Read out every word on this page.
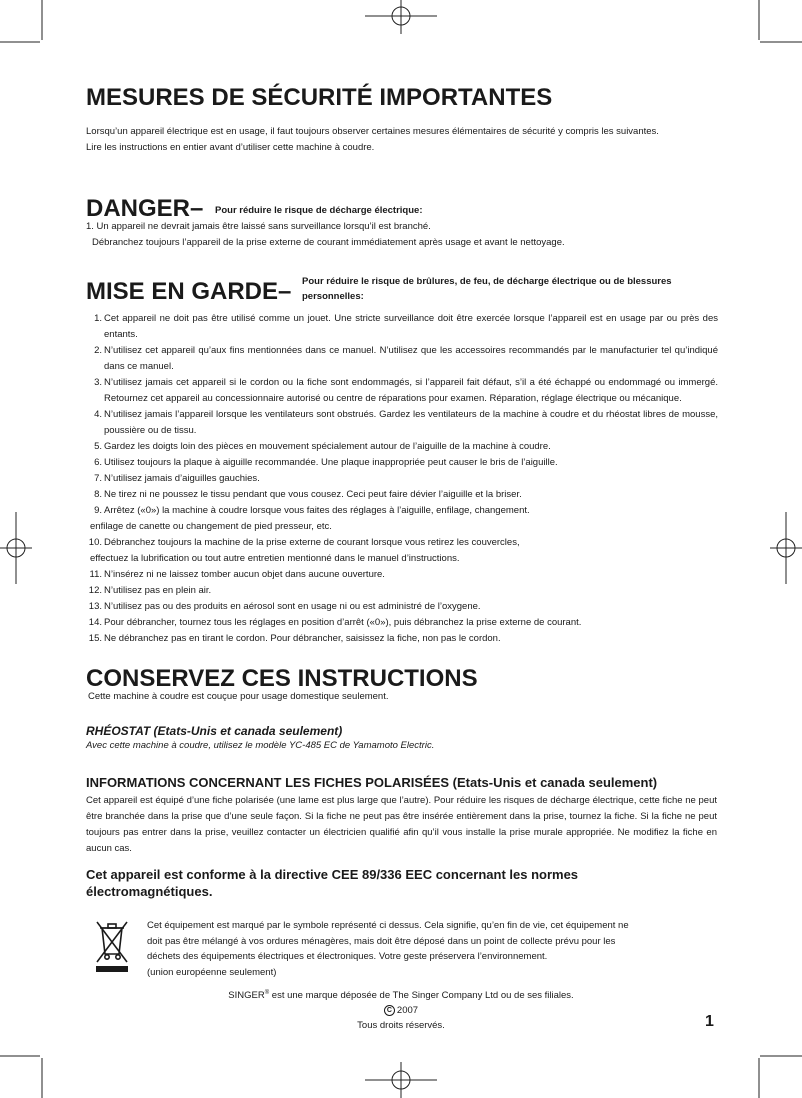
MESURES DE SÉCURITÉ IMPORTANTES
Lorsqu’un appareil électrique est en usage, il faut toujours observer certaines mesures élémentaires de sécurité y compris les suivantes.
Lire les instructions en entier avant d’utiliser cette machine à coudre.
DANGER– Pour réduire le risque de décharge électrique:
1. Un appareil ne devrait jamais être laissé sans surveillance lorsqu’il est branché.
Débranchez toujours l’appareil de la prise externe de courant immédiatement après usage et avant le nettoyage.
MISE EN GARDE– Pour réduire le risque de brûlures, de feu, de décharge électrique ou de blessures personnelles:
1. Cet appareil ne doit pas être utilisé comme un jouet. Une stricte surveillance doit être exercée lorsque l’appareil est en usage par ou près des entants.
2. N’utilisez cet appareil qu’aux fins mentionnées dans ce manuel. N’utilisez que les accessoires recommandés par le manufacturier tel qu’indiqué dans ce manuel.
3. N’utilisez jamais cet appareil si le cordon ou la fiche sont endommagés, si l’appareil fait défaut, s’il a été échappé ou endommagé ou immergé. Retournez cet appareil au concessionnaire autorisé ou centre de réparations pour examen. Réparation, réglage électrique ou mécanique.
4. N’utilisez jamais l’appareil lorsque les ventilateurs sont obstrués. Gardez les ventilateurs de la machine à coudre et du rhéostat libres de mousse, poussière ou de tissu.
5. Gardez les doigts loin des pièces en mouvement spécialement autour de l’aiguille de la machine à coudre.
6. Utilisez toujours la plaque à aiguille recommandée. Une plaque inappropriée peut causer le bris de l’aiguille.
7. N’utilisez jamais d’aiguilles gauchies.
8. Ne tirez ni ne poussez le tissu pendant que vous cousez. Ceci peut faire dévier l’aiguille et la briser.
9. Arrêtez («0») la machine à coudre lorsque vous faites des réglages à l’aiguille, enfilage, changement.
enfilage de canette ou changement de pied presseur, etc.
10. Débranchez toujours la machine de la prise externe de courant lorsque vous retirez les couvercles,
effectuez la lubrification ou tout autre entretien mentionné dans le manuel d’instructions.
11. N’insérez ni ne laissez tomber aucun objet dans aucune ouverture.
12. N’utilisez pas en plein air.
13. N’utilisez pas ou des produits en aérosol sont en usage ni ou est administré de l’oxygene.
14. Pour débrancher, tournez tous les réglages en position d’arrêt («0»), puis débranchez la prise externe de courant.
15. Ne débranchez pas en tirant le cordon. Pour débrancher, saisissez la fiche, non pas le cordon.
CONSERVEZ CES INSTRUCTIONS
Cette machine à coudre est couçue pour usage domestique seulement.
RHÉOSTAT (Etats-Unis et canada seulement)
Avec cette machine à coudre, utilisez le modèle YC-485 EC de Yamamoto Electric.
INFORMATIONS CONCERNANT LES FICHES POLARISÉES (Etats-Unis et canada seulement)
Cet appareil est équipé d’une fiche polarisée (une lame est plus large que l’autre). Pour réduire les risques de décharge électrique, cette fiche ne peut être branchée dans la prise que d’une seule façon. Si la fiche ne peut pas être insérée entièrement dans la prise, tournez la fiche. Si la fiche ne peut toujours pas entrer dans la prise, veuillez contacter un électricien qualifié afin qu’il vous installe la prise murale appropriée. Ne modifiez la fiche en aucun cas.
Cet appareil est conforme à la directive CEE 89/336 EEC concernant les normes électromagnétiques.
Cet équipement est marqué par le symbole représenté ci dessus. Cela signifie, qu’en fin de vie, cet équipement ne
doit pas être mélangé à vos ordures ménagères, mais doit être déposé dans un point de collecte prévu pour les
déchets des équipements électriques et électroniques. Votre geste préservera l’environnement.
(union européenne seulement)
SINGER® est une marque déposée de The Singer Company Ltd ou de ses filiales.
C 2007
Tous droits réservés.	1
